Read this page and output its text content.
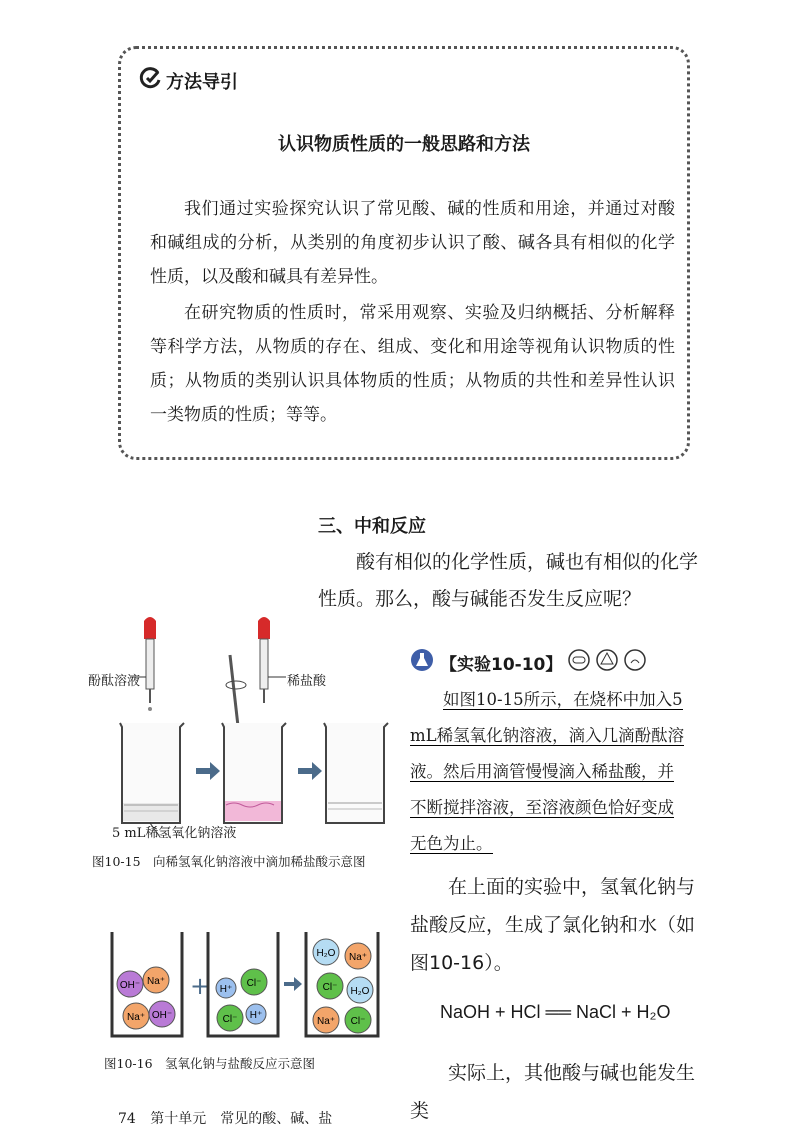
方法导引
认识物质性质的一般思路和方法

我们通过实验探究认识了常见酸、碱的性质和用途，并通过对酸和碱组成的分析，从类别的角度初步认识了酸、碱各具有相似的化学性质，以及酸和碱具有差异性。

在研究物质的性质时，常采用观察、实验及归纳概括、分析解释等科学方法，从物质的存在、组成、变化和用途等视角认识物质的性质；从物质的类别认识具体物质的性质；从物质的共性和差异性认识一类物质的性质；等等。

三、中和反应

酸有相似的化学性质，碱也有相似的化学性质。那么，酸与碱能否发生反应呢？

酚酞溶液	稀盐酸
5 mL稀氢氧化钠溶液
图10-15　向稀氢氧化钠溶液中滴加稀盐酸示意图
【实验10-10】

如图10-15所示，在烧杯中加入5 mL稀氢氧化钠溶液，滴入几滴酚酞溶液。然后用滴管慢慢滴入稀盐酸，并不断搅拌溶液，至溶液颜色恰好变成无色为止。

在上面的实验中，氢氧化钠与盐酸反应，生成了氯化钠和水（如图10-16）。

NaOH + HCl ══ NaCl + H₂O

实际上，其他酸与碱也能发生类

+
OH⁻ Na⁺
Na⁺ OH⁻
H⁺
Cl⁻
Cl⁻ H⁺
H₂O Na⁺
Cl⁻ H₂O
Na⁺ Cl⁻
图10-16　氢氧化钠与盐酸反应示意图
74 第十单元　常见的酸、碱、盐
